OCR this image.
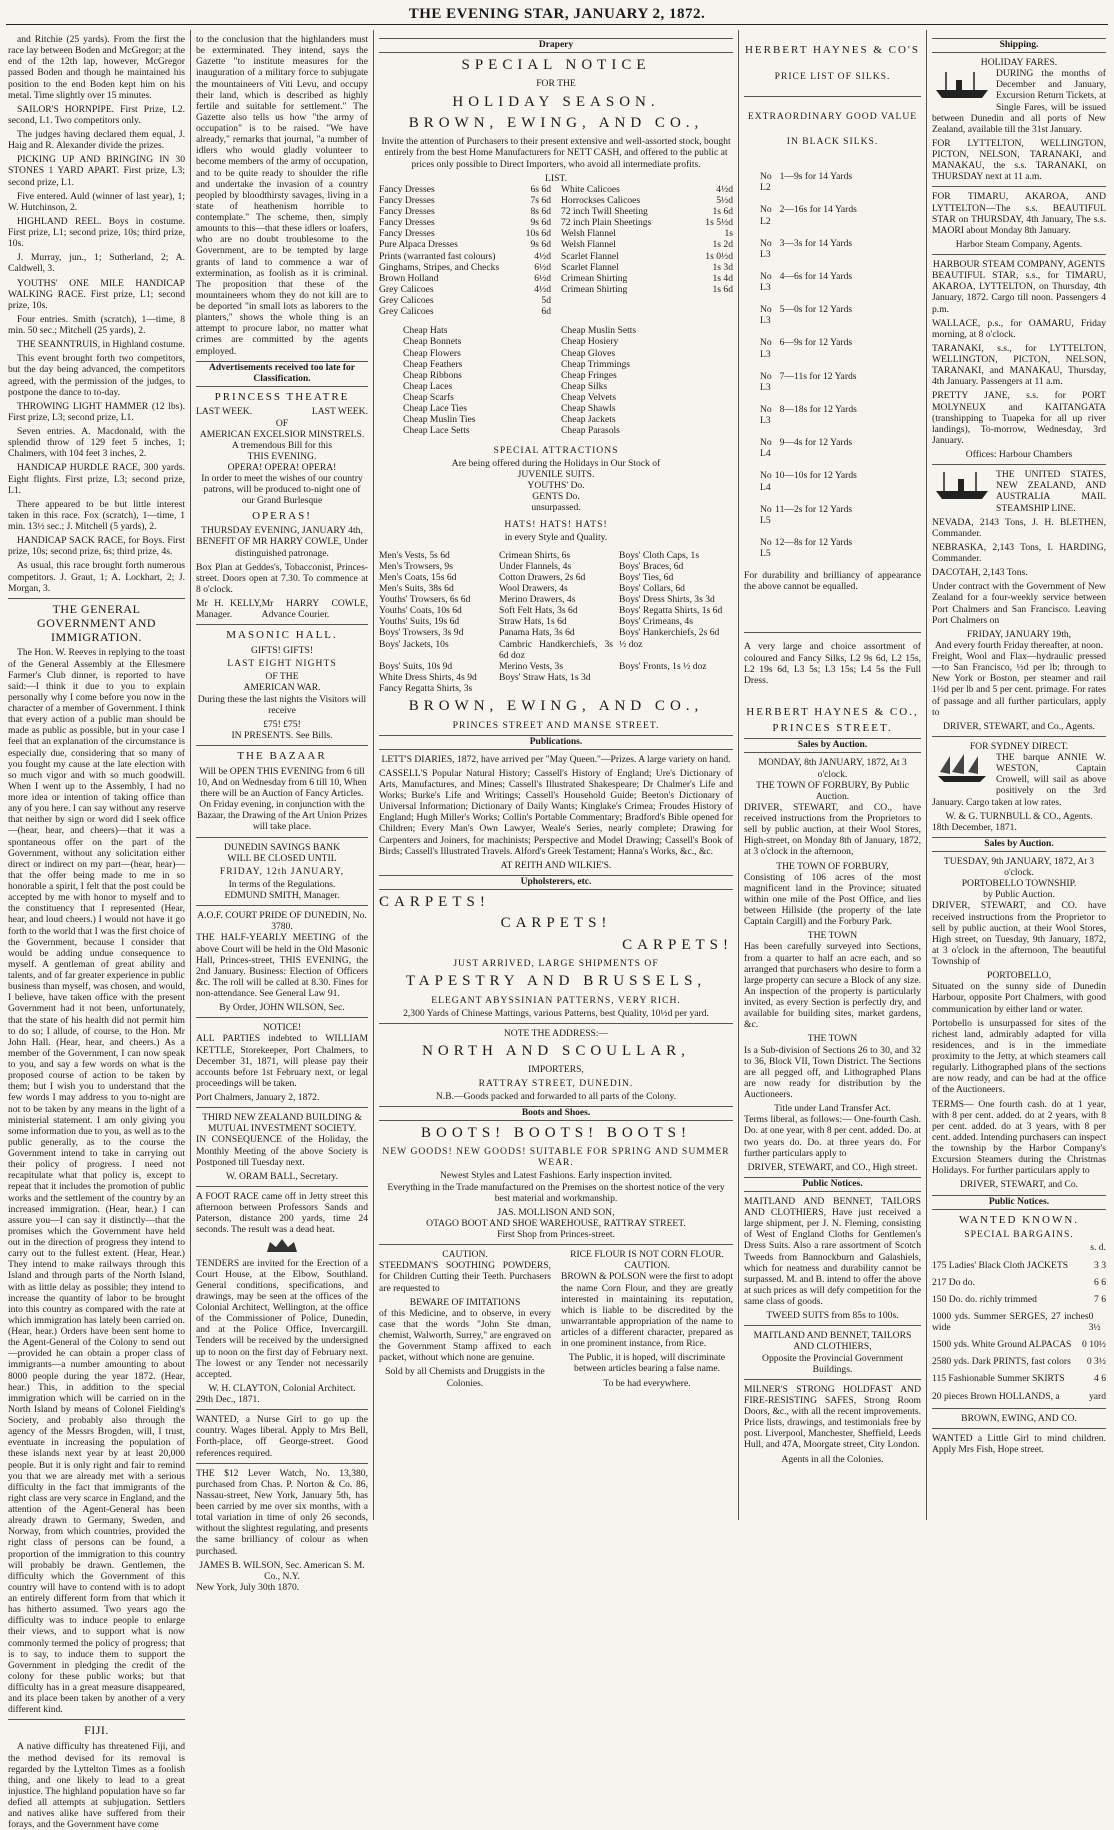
THE EVENING STAR, JANUARY 2, 1872.

and Ritchie (25 yards). From the first the race lay between Boden and McGregor; at the end of the 12th lap, however, McGregor passed Boden and though he maintained his position to the end Boden kept him on his metal. Time slightly over 15 minutes.

SAILOR'S HORNPIPE. First Prize, L2. second, L1. Two competitors only.

The judges having declared them equal, J. Haig and R. Alexander divide the prizes.

PICKING UP AND BRINGING IN 30 STONES 1 YARD APART. First prize, L3; second prize, L1.

Five entered. Auld (winner of last year), 1; W. Hutchinson, 2.

HIGHLAND REEL. Boys in costume. First prize, L1; second prize, 10s; third prize, 10s.

J. Murray, jun., 1; Sutherland, 2; A. Caldwell, 3.

YOUTHS' ONE MILE HANDICAP WALKING RACE. First prize, L1; second prize, 10s.

Four entries. Smith (scratch), 1—time, 8 min. 50 sec.; Mitchell (25 yards), 2.

THE SEANNTRUIS, in Highland costume.

This event brought forth two competitors, but the day being advanced, the competitors agreed, with the permission of the judges, to postpone the dance to to-day.

THROWING LIGHT HAMMER (12 lbs). First prize, L3; second prize, L1.

Seven entries. A. Macdonald, with the splendid throw of 129 feet 5 inches, 1; Chalmers, with 104 feet 3 inches, 2.

HANDICAP HURDLE RACE, 300 yards. Eight flights. First prize, L3; second prize, L1.

There appeared to be but little interest taken in this race. Fox (scratch), 1—time, 1 min. 13½ sec.; J. Mitchell (5 yards), 2.

HANDICAP SACK RACE, for Boys. First prize, 10s; second prize, 6s; third prize, 4s.

As usual, this race brought forth numerous competitors. J. Graut, 1; A. Lockhart, 2; J. Morgan, 3.

THE GENERAL GOVERNMENT AND IMMIGRATION.

The Hon. W. Reeves in replying to the toast of the General Assembly at the Ellesmere Farmer's Club dinner, is reported to have said:—I think it due to you to explain personally why I come before you now in the character of a member of Government. I think that every action of a public man should be made as public as possible, but in your case I feel that an explanation of the circumstance is especially due, considering that so many of you fought my cause at the late election with so much vigor and with so much goodwill. When I went up to the Assembly, I had no more idea or intention of taking office than any of you here. I can say without any reserve that neither by sign or word did I seek office—(hear, hear, and cheers)—that it was a spontaneous offer on the part of the Government, without any solicitation either direct or indirect on my part—(hear, hear)—that the offer being made to me in so honorable a spirit, I felt that the post could be accepted by me with honor to myself and to the constituency that I represented (Hear, hear, and loud cheers.) I would not have it go forth to the world that I was the first choice of the Government, because I consider that would be adding undue consequence to myself. A gentleman of great ability and talents, and of far greater experience in public business than myself, was chosen, and would, I believe, have taken office with the present Government had it not been, unfortunately, that the state of his health did not permit him to do so; I allude, of course, to the Hon. Mr John Hall. (Hear, hear, and cheers.) As a member of the Government, I can now speak to you, and say a few words on what is the proposed course of action to be taken by them; but I wish you to understand that the few words I may address to you to-night are not to be taken by any means in the light of a ministerial statement. I am only giving you some information due to you, as well as to the public generally, as to the course the Government intend to take in carrying out their policy of progress. I need not recapitulate what that policy is, except to repeat that it includes the promotion of public works and the settlement of the country by an increased immigration. (Hear, hear.) I can assure you—I can say it distinctly—that the promises which the Government have held out in the direction of progress they intend to carry out to the fullest extent. (Hear, Hear.) They intend to make railways through this Island and through parts of the North Island, with as little delay as possible; they intend to increase the quantity of labor to be brought into this country as compared with the rate at which immigration has lately been carried on. (Hear, hear.) Orders have been sent home to the Agent-General of the Colony to send out—provided he can obtain a proper class of immigrants—a number amounting to about 8000 people during the year 1872. (Hear, hear.) This, in addition to the special immigration which will be carried on in the North Island by means of Colonel Fielding's Society, and probably also through the agency of the Messrs Brogden, will, I trust, eventuate in increasing the population of these islands next year by at least 20,000 people. But it is only right and fair to remind you that we are already met with a serious difficulty in the fact that immigrants of the right class are very scarce in England, and the attention of the Agent-General has been already drawn to Germany, Sweden, and Norway, from which countries, provided the right class of persons can be found, a proportion of the immigration to this country will probably be drawn. Gentlemen, the difficulty which the Government of this country will have to contend with is to adopt an entirely different form from that which it has hitherto assumed. Two years ago the difficulty was to induce people to enlarge their views, and to support what is now commonly termed the policy of progress; that is to say, to induce them to support the Government in pledging the credit of the colony for these public works; but that difficulty has in a great measure disappeared, and its place been taken by another of a very different kind.

FIJI.

A native difficulty has threatened Fiji, and the method devised for its removal is regarded by the Lyttelton Times as a foolish thing, and one likely to lead to a great injustice. The highland population have so far defied all attempts at subjugation. Settlers and natives alike have suffered from their forays, and the Government have come

to the conclusion that the highlanders must be exterminated. They intend, says the Gazette "to institute measures for the inauguration of a military force to subjugate the mountaineers of Viti Levu, and occupy their land, which is described as highly fertile and suitable for settlement." The Gazette also tells us how "the army of occupation" is to be raised. "We have already," remarks that journal, "a number of idlers who would gladly volunteer to become members of the army of occupation, and to be quite ready to shoulder the rifle and undertake the invasion of a country peopled by bloodthirsty savages, living in a state of heathenism horrible to contemplate." The scheme, then, simply amounts to this—that these idlers or loafers, who are no doubt troublesome to the Government, are to be tempted by large grants of land to commence a war of extermination, as foolish as it is criminal. The proposition that these of the mountaineers whom they do not kill are to be deported "in small lots as laborers to the planters," shows the whole thing is an attempt to procure labor, no matter what crimes are committed by the agents employed.

Advertisements received too late for Classification.
PRINCESS THEATRE
LAST WEEK.	LAST WEEK.
OF
AMERICAN EXCELSIOR MINSTRELS.
A tremendous Bill for this
THIS EVENING.
OPERA! OPERA! OPERA!

In order to meet the wishes of our country patrons, will be produced to-night one of our Grand Burlesque

OPERAS!

THURSDAY EVENING, JANUARY 4th, BENEFIT OF MR HARRY COWLE, Under distinguished patronage.

Box Plan at Geddes's, Tobacconist, Princes-street. Doors open at 7.30. To commence at 8 o'clock.

Mr H. KELLY, Manager.
Mr HARRY COWLE, Advance Courier.
MASONIC HALL.
GIFTS! GIFTS!
LAST EIGHT NIGHTS
OF THE
AMERICAN WAR.

During these the last nights the Visitors will receive

£75! £75!
IN PRESENTS. See Bills.
THE BAZAAR

Will be OPEN THIS EVENING from 6 till 10, And on Wednesday from 6 till 10, When there will be an Auction of Fancy Articles. On Friday evening, in conjunction with the Bazaar, the Drawing of the Art Union Prizes will take place.

DUNEDIN SAVINGS BANK
WILL BE CLOSED UNTIL
FRIDAY, 12th JANUARY,
In terms of the Regulations.
EDMUND SMITH, Manager.
A.O.F. COURT PRIDE OF DUNEDIN, No. 3780.

THE HALF-YEARLY MEETING of the above Court will be held in the Old Masonic Hall, Princes-street, THIS EVENING, the 2nd January. Business: Election of Officers &c. The roll will be called at 8.30. Fines for non-attendance. See General Law 91.

By Order, JOHN WILSON, Sec.
NOTICE!

ALL PARTIES indebted to WILLIAM KETTLE, Storekeeper, Port Chalmers, to December 31, 1871, will please pay their accounts before 1st February next, or legal proceedings will be taken.

Port Chalmers, January 2, 1872.
THIRD NEW ZEALAND BUILDING & MUTUAL INVESTMENT SOCIETY.

IN CONSEQUENCE of the Holiday, the Monthly Meeting of the above Society is Postponed till Tuesday next.

W. ORAM BALL, Secretary.

A FOOT RACE came off in Jetty street this afternoon between Professors Sands and Paterson, distance 200 yards, time 24 seconds. The result was a dead heat.

TENDERS are invited for the Erection of a Court House, at the Elbow, Southland. General conditions, specifications, and drawings, may be seen at the offices of the Colonial Architect, Wellington, at the office of the Commissioner of Police, Dunedin, and at the Police Office, Invercargill. Tenders will be received by the undersigned up to noon on the first day of February next. The lowest or any Tender not necessarily accepted.

W. H. CLAYTON, Colonial Architect.
29th Dec., 1871.

WANTED, a Nurse Girl to go up the country. Wages liberal. Apply to Mrs Bell, Forth-place, off George-street. Good references required.

THE $12 Lever Watch, No. 13,380, purchased from Chas. P. Norton & Co. 86, Nassau-street, New York, January 5th, has been carried by me over six months, with a total variation in time of only 26 seconds, without the slightest regulating, and presents the same brilliancy of colour as when purchased.

JAMES B. WILSON, Sec. American S. M. Co., N.Y.
New York, July 30th 1870.
Drapery
SPECIAL NOTICE
FOR THE
HOLIDAY SEASON.
BROWN, EWING, AND CO.,

Invite the attention of Purchasers to their present extensive and well-assorted stock, bought entirely from the best Home Manufacturers for NETT CASH, and offered to the public at prices only possible to Direct Importers, who avoid all intermediate profits.

LIST.
Fancy Dresses	6s 6d
Fancy Dresses	7s 6d
Fancy Dresses	8s 6d
Fancy Dresses	9s 6d
Fancy Dresses	10s 6d
Pure Alpaca Dresses	9s 6d
Prints (warranted fast colours)	4½d
Ginghams, Stripes, and Checks	6½d
Brown Holland	6½d
Grey Calicoes	4½d
Grey Calicoes	5d
Grey Calicoes	6d
White Calicoes	4½d
Horrockses Calicoes	5½d
72 inch Twill Sheeting	1s 6d
72 inch Plain Sheetings	1s 5½d
Welsh Flannel	1s
Welsh Flannel	1s 2d
Scarlet Flannel	1s 0½d
Scarlet Flannel	1s 3d
Crimean Shirting	1s 4d
Crimean Shirting	1s 6d
Cheap Hats
Cheap Bonnets
Cheap Flowers
Cheap Feathers
Cheap Ribbons
Cheap Laces
Cheap Scarfs
Cheap Lace Ties
Cheap Muslin Ties
Cheap Lace Setts
Cheap Muslin Setts
Cheap Hosiery
Cheap Gloves
Cheap Trimmings
Cheap Fringes
Cheap Silks
Cheap Velvets
Cheap Shawls
Cheap Jackets
Cheap Parasols
SPECIAL ATTRACTIONS
Are being offered during the Holidays in Our Stock of
JUVENILE SUITS.
YOUTHS' Do.
GENTS Do.
unsurpassed.
HATS! HATS! HATS!
in every Style and Quality.
Men's Vests, 5s 6d	Crimean Shirts, 6s	Boys' Cloth Caps, 1s
Men's Trowsers, 9s	Under Flannels, 4s	Boys' Braces, 6d
Men's Coats, 15s 6d	Cotton Drawers, 2s 6d	Boys' Ties, 6d
Men's Suits, 38s 6d	Wool Drawers, 4s	Boys' Collars, 6d
Youths' Trowsers, 6s 6d	Merino Drawers, 4s	Boys' Dress Shirts, 3s 3d
Youths' Coats, 10s 6d	Soft Felt Hats, 3s 6d	Boys' Regatta Shirts, 1s 6d
Youths' Suits, 19s 6d	Straw Hats, 1s 6d	Boys' Crimeans, 4s
Boys' Trowsers, 3s 9d	Panama Hats, 3s 6d	Boys' Hankerchiefs, 2s 6d
Boys' Jackets, 10s	Cambric Handkerchiefs, 3s 6d doz
½ doz
Boys' Suits, 10s 9d	Merino Vests, 3s	Boys' Fronts, 1s ½ doz
White Dress Shirts, 4s 9d	Boys' Straw Hats, 1s 3d
Fancy Regatta Shirts, 3s
BROWN, EWING, AND CO.,
PRINCES STREET AND MANSE STREET.
Publications.

LETT'S DIARIES, 1872, have arrived per "May Queen."—Prizes. A large variety on hand.

CASSELL'S Popular Natural History; Cassell's History of England; Ure's Dictionary of Arts, Manufactures, and Mines; Cassell's Illustrated Shakespeare; Dr Chalmer's Life and Works; Burke's Life and Writings; Cassell's Household Guide; Beeton's Dictionary of Universal Information; Dictionary of Daily Wants; Kinglake's Crimea; Froudes History of England; Hugh Miller's Works; Collin's Portable Commentary; Bradford's Bible opened for Children; Every Man's Own Lawyer, Weale's Series, nearly complete; Drawing for Carpenters and Joiners, for machinists; Perspective and Model Drawing; Cassell's Book of Birds; Cassell's Illustrated Travels. Alford's Greek Testament; Hanna's Works, &c., &c.

AT REITH AND WILKIE'S.
Upholsterers, etc.
CARPETS!
CARPETS!
CARPETS!
JUST ARRIVED, LARGE SHIPMENTS OF
TAPESTRY AND BRUSSELS,
ELEGANT ABYSSINIAN PATTERNS, VERY RICH.
2,300 Yards of Chinese Mattings, various Patterns, best Quality, 10½d per yard.
NOTE THE ADDRESS:—
NORTH AND SCOULLAR,
IMPORTERS,
RATTRAY STREET, DUNEDIN.
N.B.—Goods packed and forwarded to all parts of the Colony.
Boots and Shoes.
BOOTS! BOOTS! BOOTS!
NEW GOODS! NEW GOODS! SUITABLE FOR SPRING AND SUMMER WEAR.
Newest Styles and Latest Fashions. Early inspection invited.

Everything in the Trade manufactured on the Premises on the shortest notice of the very best material and workmanship.

JAS. MOLLISON AND SON,
OTAGO BOOT AND SHOE WAREHOUSE, RATTRAY STREET.
First Shop from Princes-street.
CAUTION.

STEEDMAN'S SOOTHING POWDERS, for Children Cutting their Teeth. Purchasers are requested to

BEWARE OF IMITATIONS

of this Medicine, and to observe, in every case that the words "John Ste dman, chemist, Walworth, Surrey," are engraved on the Government Stamp affixed to each packet, without which none are genuine.

Sold by all Chemists and Druggists in the Colonies.
RICE FLOUR IS NOT CORN FLOUR.
CAUTION.

BROWN & POLSON were the first to adopt the name Corn Flour, and they are greatly interested in maintaining its reputation, which is liable to be discredited by the unwarrantable appropriation of the name to articles of a different character, prepared as in one prominent instance, from Rice.

The Public, it is hoped, will discriminate between articles bearing a false name.

To be had everywhere.
HERBERT HAYNES & CO'S
PRICE LIST OF SILKS.
EXTRAORDINARY GOOD VALUE
IN BLACK SILKS.
No 1—L2
9s for 14 Yards
No 2—L2
16s for 14 Yards
No 3—L3
3s for 14 Yards
No 4—L3
6s for 14 Yards
No 5—L3
0s for 12 Yards
No 6—L3
9s for 12 Yards
No 7—L3
11s for 12 Yards
No 8—L3
18s for 12 Yards
No 9—L4
4s for 12 Yards
No 10—L4
10s for 12 Yards
No 11—L5
2s for 12 Yards
No 12—L5
8s for 12 Yards

For durability and brilliancy of appearance the above cannot be equalled.

A very large and choice assortment of coloured and Fancy Silks, L2 9s 6d, L2 15s, L2 19s 6d, L3 5s; L3 15s; L4 5s the Full Dress.

HERBERT HAYNES & CO.,
PRINCES STREET.
Sales by Auction.
MONDAY, 8th JANUARY, 1872, At 3 o'clock.
THE TOWN OF FORBURY, By Public Auction.

DRIVER, STEWART, and CO., have received instructions from the Proprietors to sell by public auction, at their Wool Stores, High-street, on Monday 8th of January, 1872, at 3 o'clock in the afternoon,

THE TOWN OF FORBURY,

Consisting of 106 acres of the most magnificent land in the Province; situated within one mile of the Post Office, and lies between Hillside (the property of the late Captain Cargill) and the Forbury Park.

THE TOWN

Has been carefully surveyed into Sections, from a quarter to half an acre each, and so arranged that purchasers who desire to form a large property can secure a Block of any size. An inspection of the property is particularly invited, as every Section is perfectly dry, and available for building sites, market gardens, &c.

THE TOWN

Is a Sub-division of Sections 26 to 30, and 32 to 36, Block VII, Town District. The Sections are all pegged off, and Lithographed Plans are now ready for distribution by the Auctioneers.

Title under Land Transfer Act.

Terms liberal, as follows:— One-fourth Cash. Do. at one year, with 8 per cent. added. Do. at two years do. Do. at three years do. For further particulars apply to

DRIVER, STEWART, and CO., High street.
Public Notices.

MAITLAND AND BENNET, TAILORS AND CLOTHIERS, Have just received a large shipment, per J. N. Fleming, consisting of West of England Cloths for Gentlemen's Dress Suits. Also a rare assortment of Scotch Tweeds from Bannockburn and Galashiels, which for neatness and durability cannot be surpassed. M. and B. intend to offer the above at such prices as will defy competition for the same class of goods.

TWEED SUITS from 85s to 100s.
MAITLAND AND BENNET, TAILORS AND CLOTHIERS,
Opposite the Provincial Government Buildings.

MILNER'S STRONG HOLDFAST AND FIRE-RESISTING SAFES, Strong Room Doors, &c., with all the recent improvements. Price lists, drawings, and testimonials free by post. Liverpool, Manchester, Sheffield, Leeds Hull, and 47A, Moorgate street, City London.

Agents in all the Colonies.
Shipping.
HOLIDAY FARES.

DURING the months of December and January, Excursion Return Tickets, at Single Fares, will be issued between Dunedin and all ports of New Zealand, available till the 31st January.

FOR LYTTELTON, WELLINGTON, PICTON, NELSON, TARANAKI, and MANAKAU, the s.s. TARANAKI, on THURSDAY next at 11 a.m.

FOR TIMARU, AKAROA, AND LYTTELTON—The s.s. BEAUTIFUL STAR on THURSDAY, 4th January, The s.s. MAORI about Monday 8th January.

Harbor Steam Company, Agents.
HARBOUR STEAM COMPANY, AGENTS

BEAUTIFUL STAR, s.s., for TIMARU, AKAROA, LYTTELTON, on Thursday, 4th January, 1872. Cargo till noon. Passengers 4 p.m.

WALLACE, p.s., for OAMARU, Friday morning, at 8 o'clock.

TARANAKI, s.s., for LYTTELTON, WELLINGTON, PICTON, NELSON, TARANAKI, and MANAKAU, Thursday, 4th January. Passengers at 11 a.m.

PRETTY JANE, s.s. for PORT MOLYNEUX and KAITANGATA (transhipping to Tuapeka for all up river landings), To-morrow, Wednesday, 3rd January.

Offices: Harbour Chambers

THE UNITED STATES, NEW ZEALAND, AND AUSTRALIA MAIL STEAMSHIP LINE.

NEVADA, 2143 Tons, J. H. BLETHEN, Commander.

NEBRASKA, 2,143 Tons, I. HARDING, Commander.

DACOTAH, 2,143 Tons.

Under contract with the Government of New Zealand for a four-weekly service between Port Chalmers and San Francisco. Leaving Port Chalmers on

FRIDAY, JANUARY 19th,
And every fourth Friday thereafter, at noon.

Freight, Wool and Flax—hydraulic pressed—to San Francisco, ½d per lb; through to New York or Boston, per steamer and rail 1½d per lb and 5 per cent. primage. For rates of passage and all further particulars, apply to

DRIVER, STEWART, and Co., Agents.
FOR SYDNEY DIRECT.

THE barque ANNIE W. WESTON, Captain Crowell, will sail as above positively on the 3rd January. Cargo taken at low rates.

W. & G. TURNBULL & CO., Agents.
18th December, 1871.
Sales by Auction.
TUESDAY, 9th JANUARY, 1872, At 3 o'clock.
PORTOBELLO TOWNSHIP.
by Public Auction.

DRIVER, STEWART, and CO. have received instructions from the Proprietor to sell by public auction, at their Wool Stores, High street, on Tuesday, 9th January, 1872, at 3 o'clock in the afternoon, The beautiful Township of

PORTOBELLO,

Situated on the sunny side of Dunedin Harbour, opposite Port Chalmers, with good communication by either land or water.

Portobello is unsurpassed for sites of the richest land, admirably adapted for villa residences, and is in the immediate proximity to the Jetty, at which steamers call regularly. Lithographed plans of the sections are now ready, and can be had at the office of the Auctioneers.

TERMS— One fourth cash. do at 1 year, with 8 per cent. added. do at 2 years, with 8 per cent. added. do at 3 years, with 8 per cent. added. Intending purchasers can inspect the township by the Harbor Company's Excursion Steamers during the Christmas Holidays. For further particulars apply to

DRIVER, STEWART, and Co.
Public Notices.
WANTED KNOWN.
SPECIAL BARGAINS.
s. d.
175 Ladies' Black Cloth JACKETS	3 3
217 Do do.	6 6
150 Do. do. richly trimmed	7 6
1000 yds. Summer SERGES, 27 inches wide
0 3½
1500 yds. White Ground ALPACAS 0 10½
2580 yds. Dark PRINTS, fast colors 0 3½
115 Fashionable Summer SKIRTS	4 6
20 pieces Brown HOLLANDS, a	yard
BROWN, EWING, AND CO.

WANTED a Little Girl to mind children. Apply Mrs Fish, Hope street.
